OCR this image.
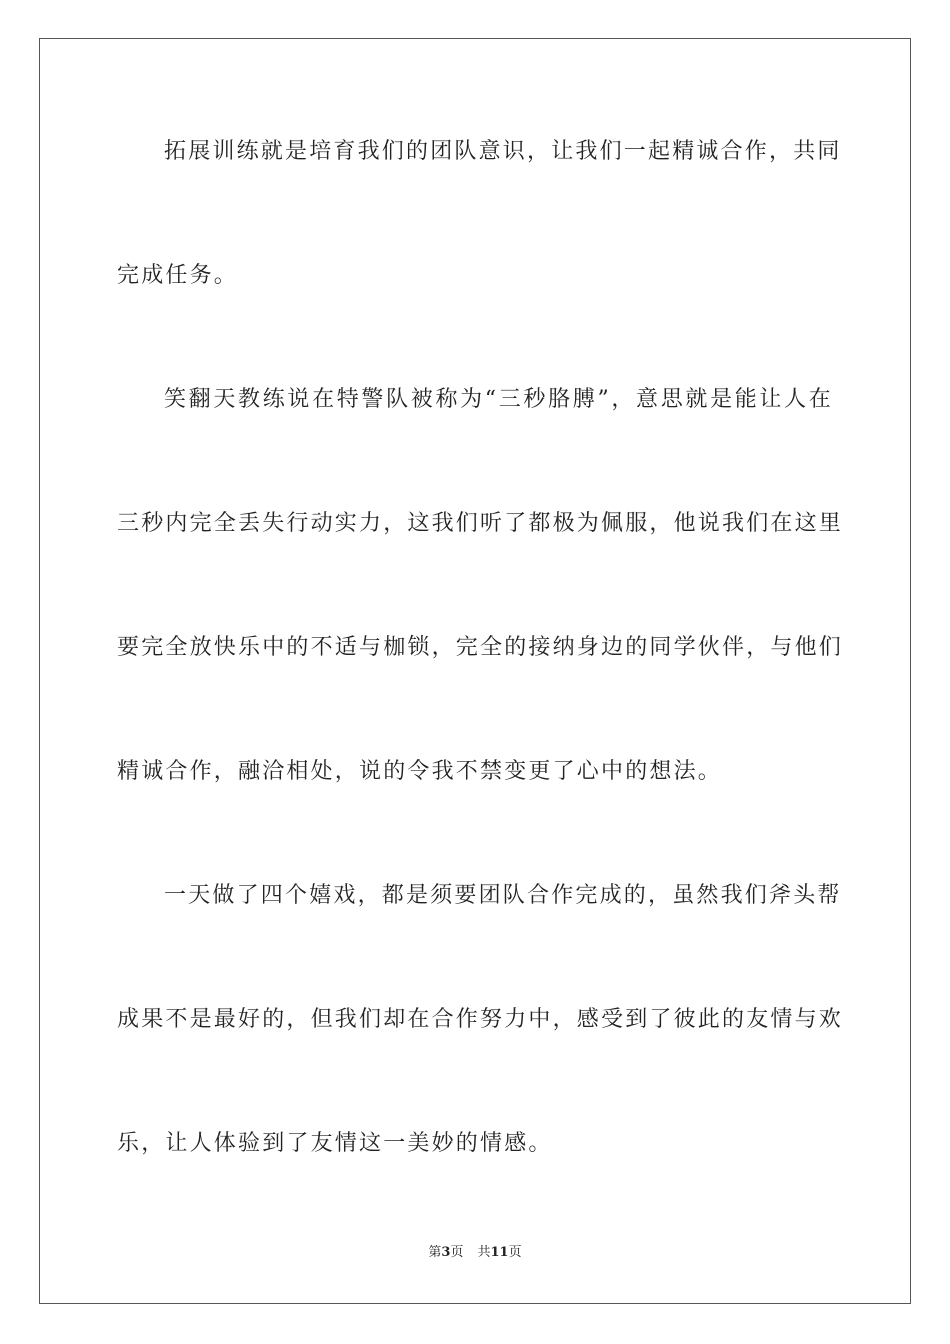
拓展训练就是培育我们的团队意识，让我们一起精诚合作，共同
完成任务。
笑翻天教练说在特警队被称为“三秒胳膊”，意思就是能让人在
三秒内完全丢失行动实力，这我们听了都极为佩服，他说我们在这里
要完全放快乐中的不适与枷锁，完全的接纳身边的同学伙伴，与他们
精诚合作，融洽相处，说的令我不禁变更了心中的想法。
一天做了四个嬉戏，都是须要团队合作完成的，虽然我们斧头帮
成果不是最好的，但我们却在合作努力中，感受到了彼此的友情与欢
乐，让人体验到了友情这一美妙的情感。
第3页 共11页
